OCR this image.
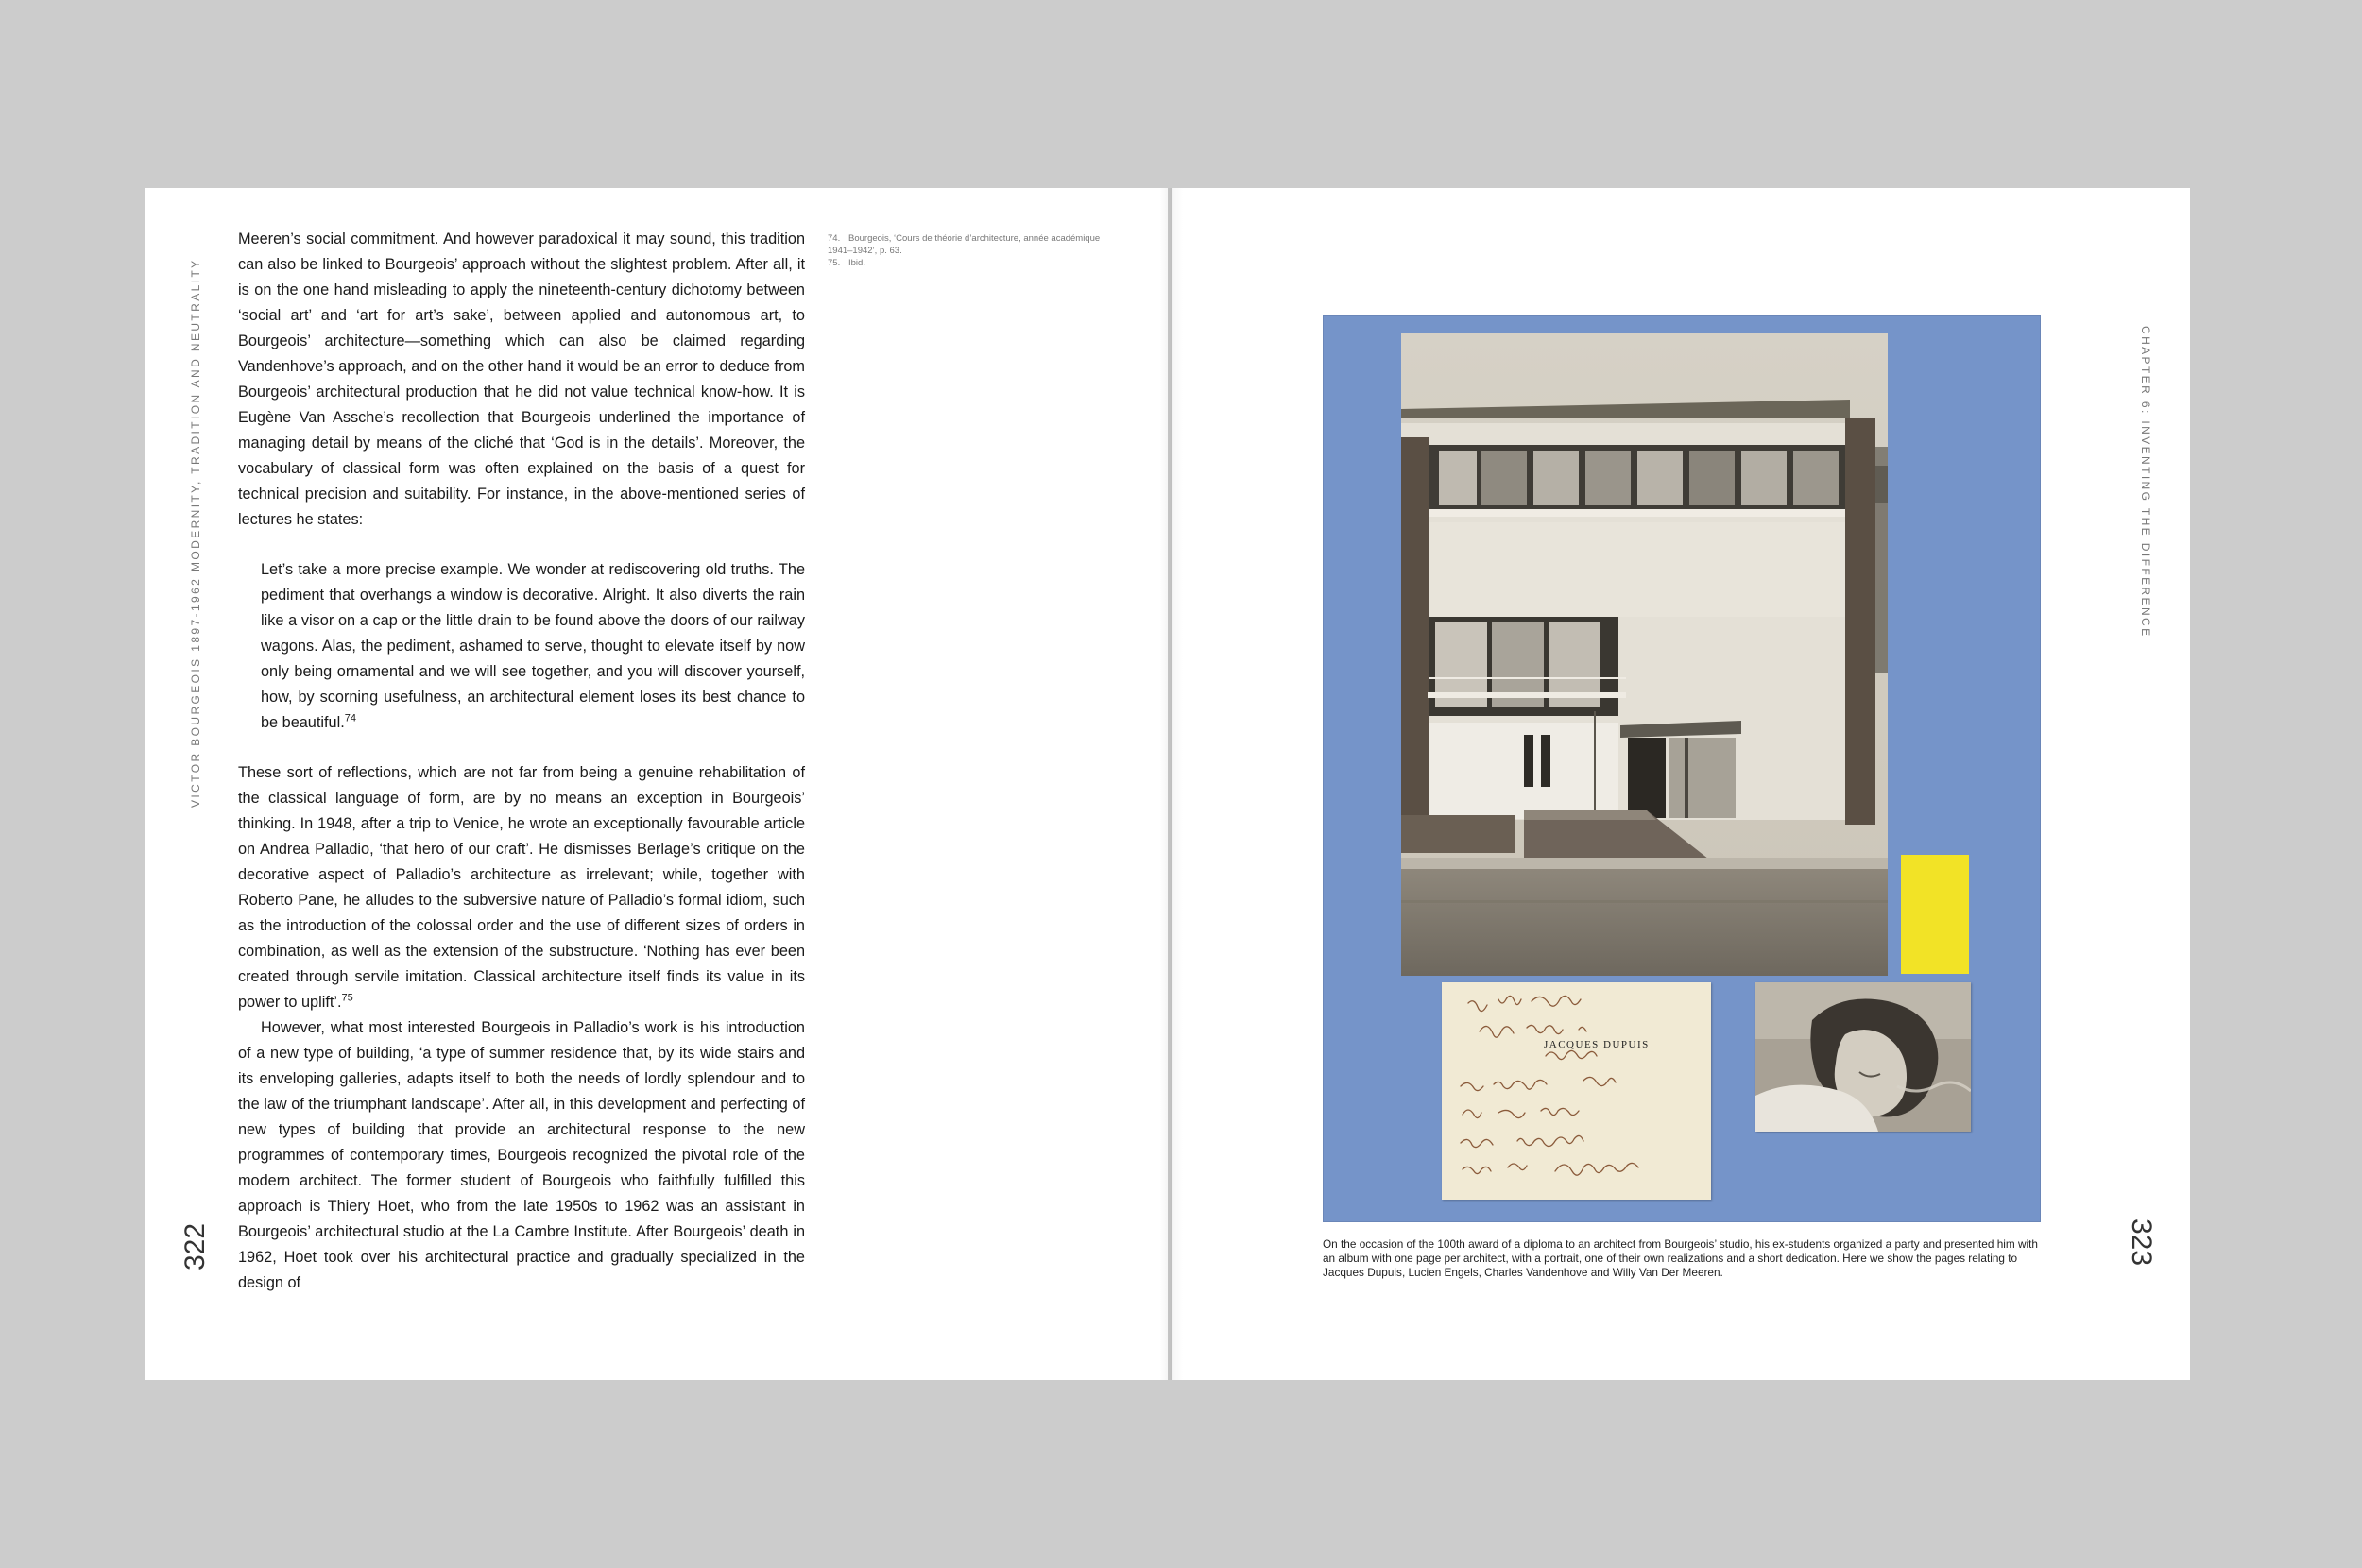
VICTOR BOURGEOIS 1897-1962 MODERNITY, TRADITION AND NEUTRALITY
322

Meeren’s social commitment. And however paradoxical it may sound, this tradition can also be linked to Bourgeois’ approach without the slightest problem. After all, it is on the one hand misleading to apply the nineteenth-century dichotomy between ‘social art’ and ‘art for art’s sake’, between applied and autonomous art, to Bourgeois’ architecture—something which can also be claimed regarding Vandenhove’s approach, and on the other hand it would be an error to deduce from Bourgeois’ architectural production that he did not value technical know-how. It is Eugène Van Assche’s recollection that Bourgeois underlined the importance of managing detail by means of the cliché that ‘God is in the details’. Moreover, the vocabulary of classical form was often explained on the basis of a quest for technical precision and suitability. For instance, in the above-mentioned series of lectures he states:

Let’s take a more precise example. We wonder at rediscovering old truths. The pediment that overhangs a window is decorative. Alright. It also diverts the rain like a visor on a cap or the little drain to be found above the doors of our railway wagons. Alas, the pediment, ashamed to serve, thought to elevate itself by now only being ornamental and we will see together, and you will discover yourself, how, by scorning usefulness, an architectural element loses its best chance to be beautiful.$^{74}$

These sort of reflections, which are not far from being a genuine rehabilitation of the classical language of form, are by no means an exception in Bourgeois’ thinking. In 1948, after a trip to Venice, he wrote an exceptionally favourable article on Andrea Palladio, ‘that hero of our craft’. He dismisses Berlage’s critique on the decorative aspect of Palladio’s architecture as irrelevant; while, together with Roberto Pane, he alludes to the subversive nature of Palladio’s formal idiom, such as the introduction of the colossal order and the use of different sizes of orders in combination, as well as the extension of the substructure. ‘Nothing has ever been created through servile imitation. Classical architecture itself finds its value in its power to uplift’.$^{75}$

However, what most interested Bourgeois in Palladio’s work is his introduction of a new type of building, ‘a type of summer residence that, by its wide stairs and its enveloping galleries, adapts itself to both the needs of lordly splendour and to the law of the triumphant landscape’. After all, in this development and perfecting of new types of building that provide an architectural response to the new programmes of contemporary times, Bourgeois recognized the pivotal role of the modern architect. The former student of Bourgeois who faithfully fulfilled this approach is Thiery Hoet, who from the late 1950s to 1962 was an assistant in Bourgeois’ architectural studio at the La Cambre Institute. After Bourgeois’ death in 1962, Hoet took over his architectural practice and gradually specialized in the design of

74. Bourgeois, ‘Cours de théorie d’architecture, année académique 1941–1942’, p. 63.

75. Ibid.

CHAPTER 6: INVENTING THE DIFFERENCE
323
JACQUES DUPUIS
On the occasion of the 100th award of a diploma to an architect from Bourgeois’ studio, his ex-students organized a party and presented him with an album with one page per architect, with a portrait, one of their own realizations and a short dedication. Here we show the pages relating to Jacques Dupuis, Lucien Engels, Charles Vandenhove and Willy Van Der Meeren.
